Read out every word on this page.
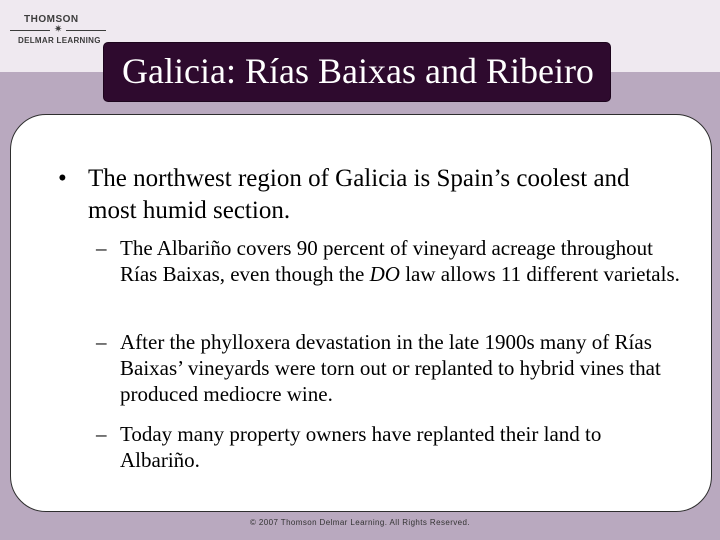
THOMSON
✷
DELMAR LEARNING
Galicia: Rías Baixas and Ribeiro
• The northwest region of Galicia is Spain’s coolest and most humid section.
– The Albariño covers 90 percent of vineyard acreage throughout Rías Baixas, even though the DO law allows 11 different varietals.
– After the phylloxera devastation in the late 1900s many of Rías Baixas’ vineyards were torn out or replanted to hybrid vines that produced mediocre wine.
– Today many property owners have replanted their land to Albariño.
© 2007 Thomson Delmar Learning. All Rights Reserved.
